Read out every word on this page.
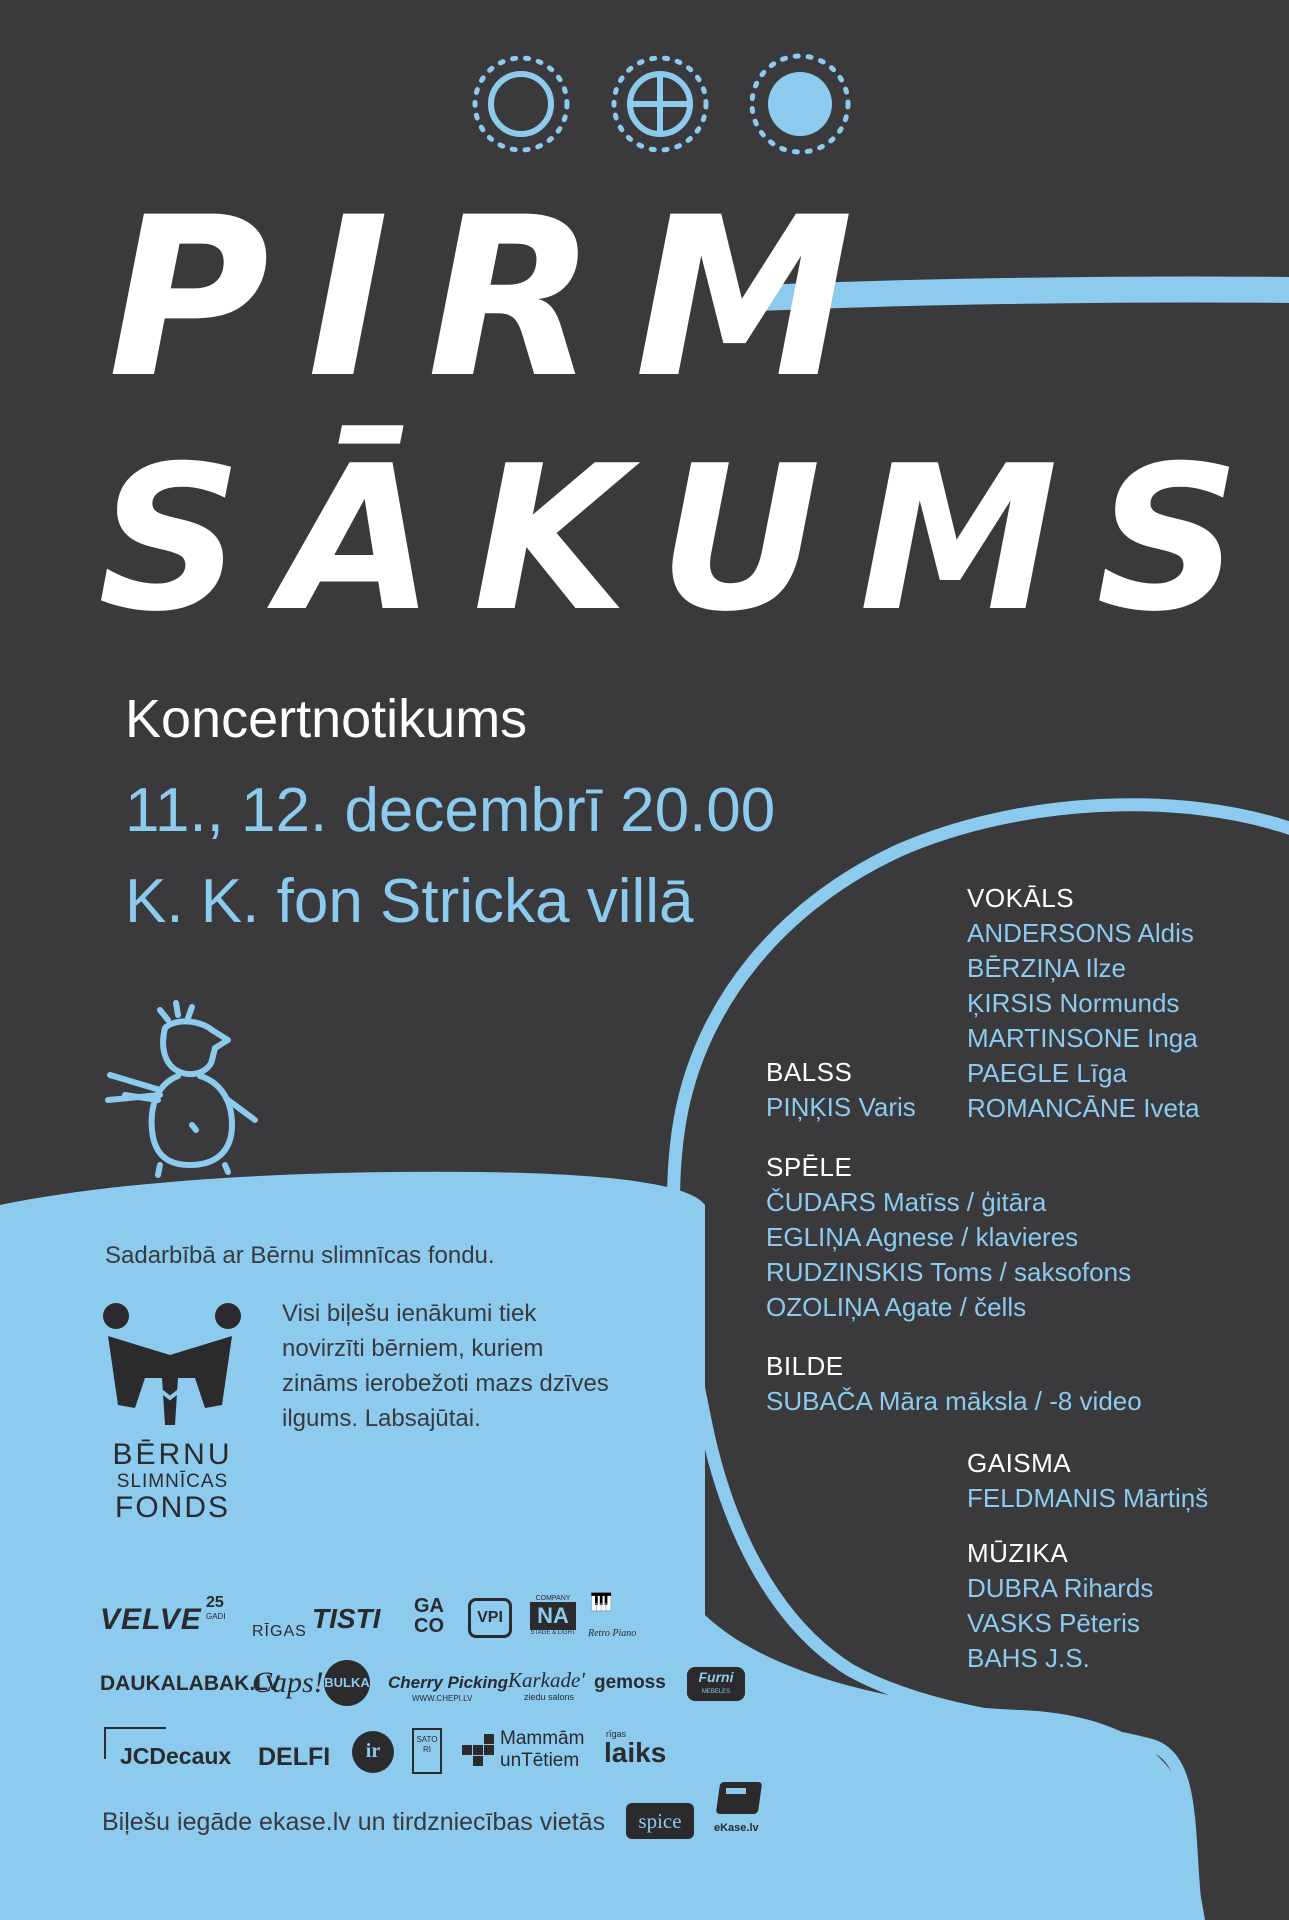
PIRM
SĀKUMS
Koncertnotikums
11., 12. decembrī 20.00
K. K. fon Stricka villā	VOKĀLS
ANDERSONS Aldis
BĒRZIŅA Ilze
ĶIRSIS Normunds
MARTINSONE Inga
PAEGLE Līga
ROMANCĀNE Iveta
BALSS
PIŅĶIS Varis
SPĒLE
ČUDARS Matīss / ģitāra
EGLIŅA Agnese / klavieres
RUDZINSKIS Toms / saksofons
OZOLIŅA Agate / čells
BILDE
SUBAČA Māra māksla / -8 video
GAISMA
FELDMANIS Mārtiņš
MŪZIKA
DUBRA Rihards
VASKS Pēteris
BAHS J.S.
Sadarbībā ar Bērnu slimnīcas fondu.
Visi biļešu ienākumi tiek novirzīti bērniem, kuriem zināms ierobežoti mazs dzīves ilgums. Labsajūtai.
BĒRNU
SLIMNĪCAS
FONDS
VELVE
25
GADI
RĪGAS TISTI GA
CO	VPI
COMPANY
NA
STAGE & LIGHT
🎹
Retro Piano
DAUKALABAK.LV
Caps! BULKA Cherry Picking
WWW.CHEPI.LV
Karkade'
ziedu salons
gemoss	Furni
MEBELES
JCDecaux DELFI	ir
SATORI
Mammām
unTētiem
rīgas
laiks
Biļešu iegāde ekase.lv un tirdzniecības vietās	spice	eKase.lv
